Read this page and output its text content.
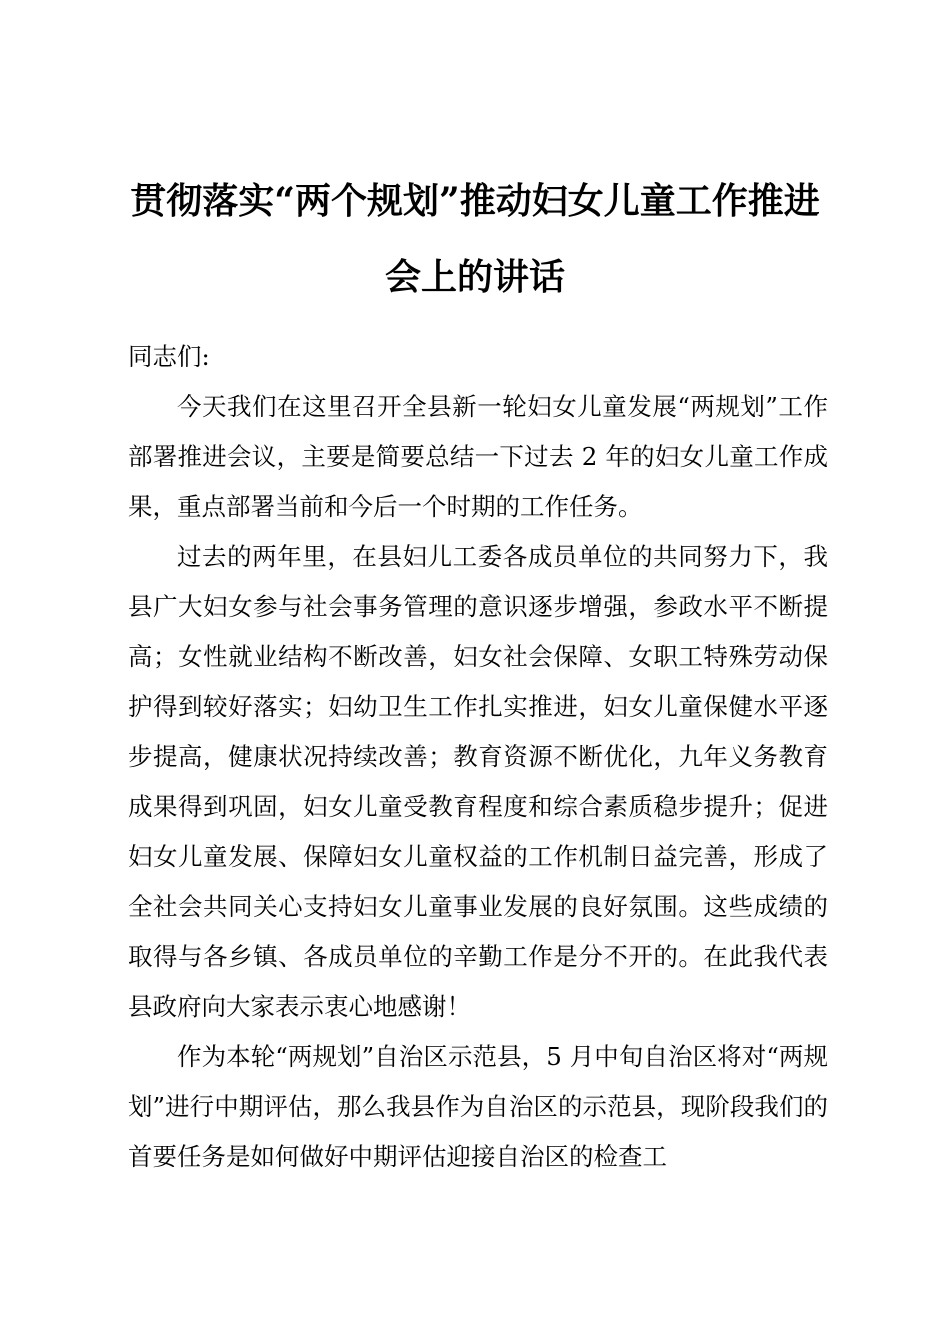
贯彻落实“两个规划”推动妇女儿童工作推进
会上的讲话
同志们:
今天我们在这里召开全县新一轮妇女儿童发展“两规划”工作部署推进会议，主要是简要总结一下过去 2 年的妇女儿童工作成果，重点部署当前和今后一个时期的工作任务。
过去的两年里，在县妇儿工委各成员单位的共同努力下，我县广大妇女参与社会事务管理的意识逐步增强，参政水平不断提高；女性就业结构不断改善，妇女社会保障、女职工特殊劳动保护得到较好落实；妇幼卫生工作扎实推进，妇女儿童保健水平逐步提高，健康状况持续改善；教育资源不断优化，九年义务教育成果得到巩固，妇女儿童受教育程度和综合素质稳步提升；促进妇女儿童发展、保障妇女儿童权益的工作机制日益完善，形成了全社会共同关心支持妇女儿童事业发展的良好氛围。这些成绩的取得与各乡镇、各成员单位的辛勤工作是分不开的。在此我代表县政府向大家表示衷心地感谢！
作为本轮“两规划”自治区示范县，5 月中旬自治区将对“两规划”进行中期评估，那么我县作为自治区的示范县，现阶段我们的首要任务是如何做好中期评估迎接自治区的检查工
